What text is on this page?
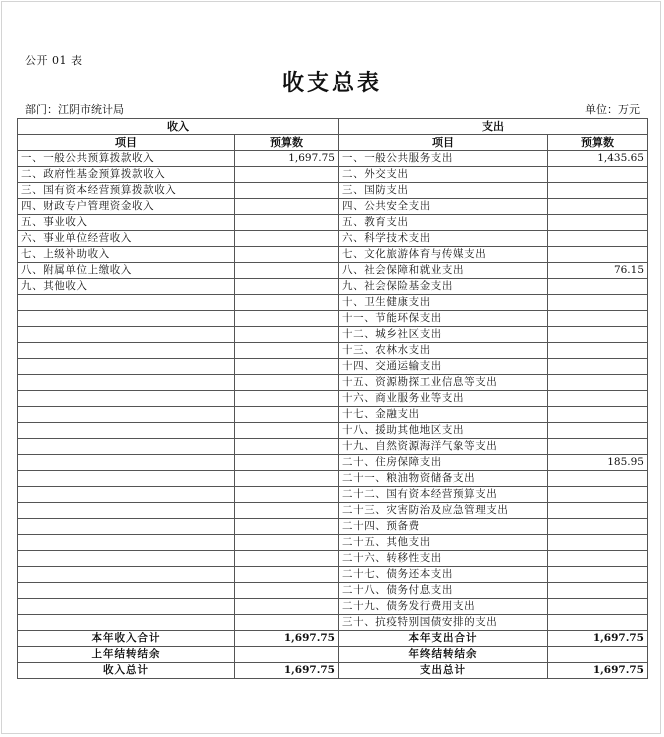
公开 01 表
收支总表
部门：江阴市统计局	单位：万元
收入		支出	
项目	预算数	项目	预算数
一、一般公共预算拨款收入	1,697.75	一、一般公共服务支出	1,435.65
二、政府性基金预算拨款收入		二、外交支出	
三、国有资本经营预算拨款收入		三、国防支出	
四、财政专户管理资金收入		四、公共安全支出	
五、事业收入		五、教育支出	
六、事业单位经营收入		六、科学技术支出	
七、上级补助收入		七、文化旅游体育与传媒支出	
八、附属单位上缴收入		八、社会保障和就业支出	76.15
九、其他收入		九、社会保险基金支出	
		十、卫生健康支出	
		十一、节能环保支出	
		十二、城乡社区支出	
		十三、农林水支出	
		十四、交通运输支出	
		十五、资源勘探工业信息等支出	
		十六、商业服务业等支出	
		十七、金融支出	
		十八、援助其他地区支出	
		十九、自然资源海洋气象等支出	
		二十、住房保障支出	185.95
		二十一、粮油物资储备支出	
		二十二、国有资本经营预算支出	
		二十三、灾害防治及应急管理支出	
		二十四、预备费	
		二十五、其他支出	
		二十六、转移性支出	
		二十七、债务还本支出	
		二十八、债务付息支出	
		二十九、债务发行费用支出	
		三十、抗疫特别国债安排的支出	
本年收入合计	1,697.75	本年支出合计	1,697.75
上年结转结余		年终结转结余	
收入总计	1,697.75	支出总计	1,697.75
